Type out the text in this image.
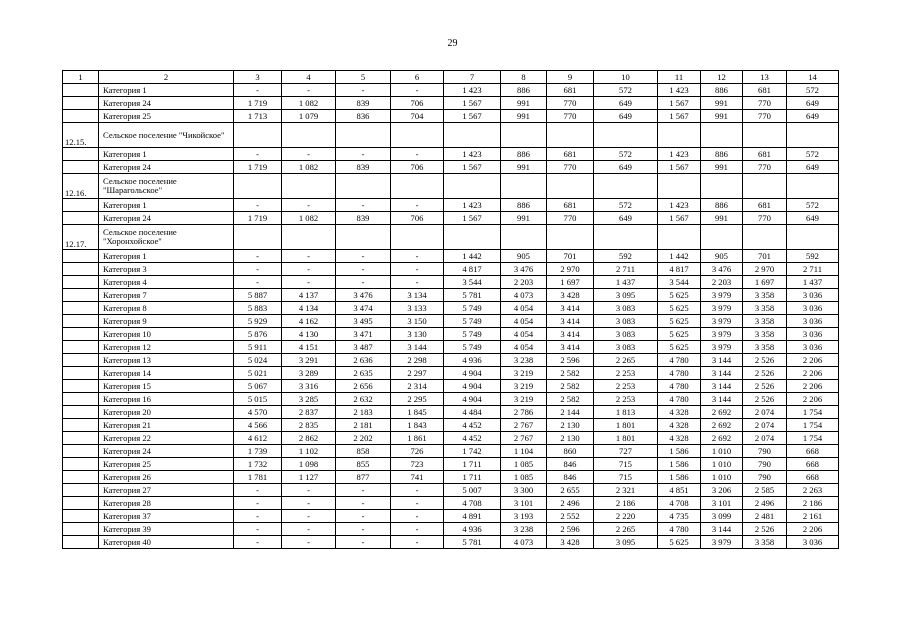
29
1	2	3	4	5	6	7	8	9	10	11	12	13	14
	Категория 1	-	-	-	-	1 423	886	681	572	1 423	886	681	572
	Категория 24	1 719	1 082	839	706	1 567	991	770	649	1 567	991	770	649
	Категория 25	1 713	1 079	836	704	1 567	991	770	649	1 567	991	770	649
12.15.	Сельское поселение "Чикойское"												
	Категория 1	-	-	-	-	1 423	886	681	572	1 423	886	681	572
	Категория 24	1 719	1 082	839	706	1 567	991	770	649	1 567	991	770	649
12.16.	Сельское поселение "Шарагольское"												
	Категория 1	-	-	-	-	1 423	886	681	572	1 423	886	681	572
	Категория 24	1 719	1 082	839	706	1 567	991	770	649	1 567	991	770	649
12.17.	Сельское поселение "Хоронхойское"												
	Категория 1	-	-	-	-	1 442	905	701	592	1 442	905	701	592
	Категория 3	-	-	-	-	4 817	3 476	2 970	2 711	4 817	3 476	2 970	2 711
	Категория 4	-	-	-	-	3 544	2 203	1 697	1 437	3 544	2 203	1 697	1 437
	Категория 7	5 887	4 137	3 476	3 134	5 781	4 073	3 428	3 095	5 625	3 979	3 358	3 036
	Категория 8	5 883	4 134	3 474	3 133	5 749	4 054	3 414	3 083	5 625	3 979	3 358	3 036
	Категория 9	5 929	4 162	3 495	3 150	5 749	4 054	3 414	3 083	5 625	3 979	3 358	3 036
	Категория 10	5 876	4 130	3 471	3 130	5 749	4 054	3 414	3 083	5 625	3 979	3 358	3 036
	Категория 12	5 911	4 151	3 487	3 144	5 749	4 054	3 414	3 083	5 625	3 979	3 358	3 036
	Категория 13	5 024	3 291	2 636	2 298	4 936	3 238	2 596	2 265	4 780	3 144	2 526	2 206
	Категория 14	5 021	3 289	2 635	2 297	4 904	3 219	2 582	2 253	4 780	3 144	2 526	2 206
	Категория 15	5 067	3 316	2 656	2 314	4 904	3 219	2 582	2 253	4 780	3 144	2 526	2 206
	Категория 16	5 015	3 285	2 632	2 295	4 904	3 219	2 582	2 253	4 780	3 144	2 526	2 206
	Категория 20	4 570	2 837	2 183	1 845	4 484	2 786	2 144	1 813	4 328	2 692	2 074	1 754
	Категория 21	4 566	2 835	2 181	1 843	4 452	2 767	2 130	1 801	4 328	2 692	2 074	1 754
	Категория 22	4 612	2 862	2 202	1 861	4 452	2 767	2 130	1 801	4 328	2 692	2 074	1 754
	Категория 24	1 739	1 102	858	726	1 742	1 104	860	727	1 586	1 010	790	668
	Категория 25	1 732	1 098	855	723	1 711	1 085	846	715	1 586	1 010	790	668
	Категория 26	1 781	1 127	877	741	1 711	1 085	846	715	1 586	1 010	790	668
	Категория 27	-	-	-	-	5 007	3 300	2 655	2 321	4 851	3 206	2 585	2 263
	Категория 28	-	-	-	-	4 708	3 101	2 496	2 186	4 708	3 101	2 496	2 186
	Категория 37	-	-	-	-	4 891	3 193	2 552	2 220	4 735	3 099	2 481	2 161
	Категория 39	-	-	-	-	4 936	3 238	2 596	2 265	4 780	3 144	2 526	2 206
	Категория 40	-	-	-	-	5 781	4 073	3 428	3 095	5 625	3 979	3 358	3 036
